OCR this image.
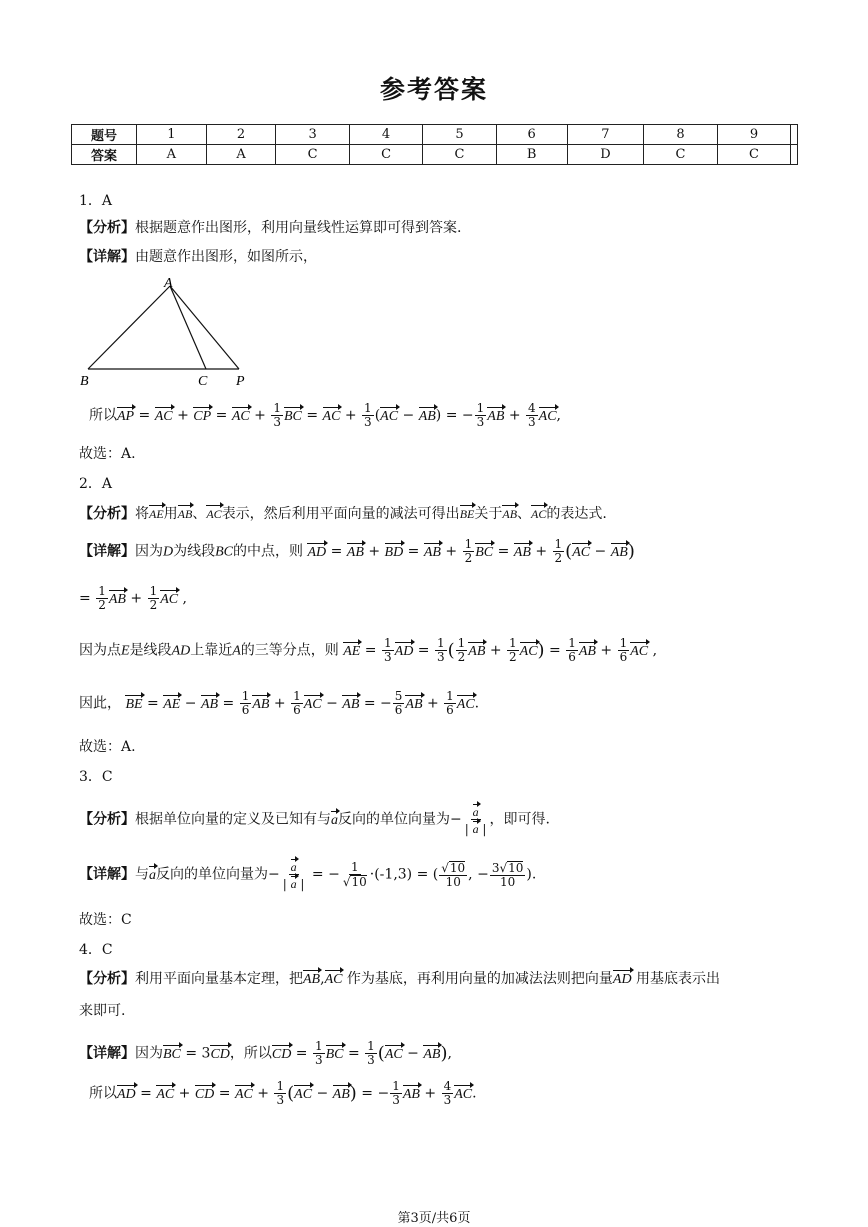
参考答案
题号	1	2	3	4	5	6	7	8	9	
答案	A	A	C	C	C	B	D	C	C	
1．A
【分析】根据题意作出图形，利用向量线性运算即可得到答案.
【详解】由题意作出图形，如图所示，
A
B	C P
所以AP = AC + CP = AC + $\frac{1}{3}$ BC = AC + $\frac{1}{3} (AC - AB)$ = − $\frac{1}{3}$ AB + $\frac{4}{3}$ AC,
故选：A.
2．A
【分析】将AE用AB、AC表示，然后利用平面向量的减法可得出BE关于AB、AC的表达式.
【详解】因为D为线段BC的中点，则 AD = AB + BD = AB + $\frac{1}{2}$ BC = AB + $\frac{1}{2} (AC - AB)$
= $\frac{1}{2}$ AB + $\frac{1}{2}$ AC ,
因为点E是线段AD上靠近A的三等分点，则 AE = $\frac{1}{3}$ AD = $\frac{1}{3}$ ( $\frac{1}{2}$ AB + $\frac{1}{2} AC) = \frac{1}{6}$ AB + $\frac{1}{6}$ AC ,
因此， BE = AE − AB = $\frac{1}{6}$ AB + $\frac{1}{6}$ AC − AB = − $\frac{5}{6}$ AB + $\frac{1}{6}$ AC.
故选：A.
3．C
【分析】根据单位向量的定义及已知有与a反向的单位向量为− $\frac{a}{| a |}$ ，即可得.
【详解】与a反向的单位向量为− $\frac{a}{| a |}$ = − $\frac{1}{√10} \cdot(-1,3)$ = ( $\frac{√10}{10}$ , − $\frac{3√10}{10}$ ).
故选：C
4．C
【分析】利用平面向量基本定理，把AB,AC 作为基底，再利用向量的加减法法则把向量AD 用基底表示出
来即可.
【详解】因为BC = 3CD，所以CD = $\frac{1}{3}$ BC = $\frac{1}{3} (AC - AB)$,
所以AD = AC + CD = AC + $\frac{1}{3} (AC - AB)$ = − $\frac{1}{3}$ AB + $\frac{4}{3}$ AC.
第3页/共6页
